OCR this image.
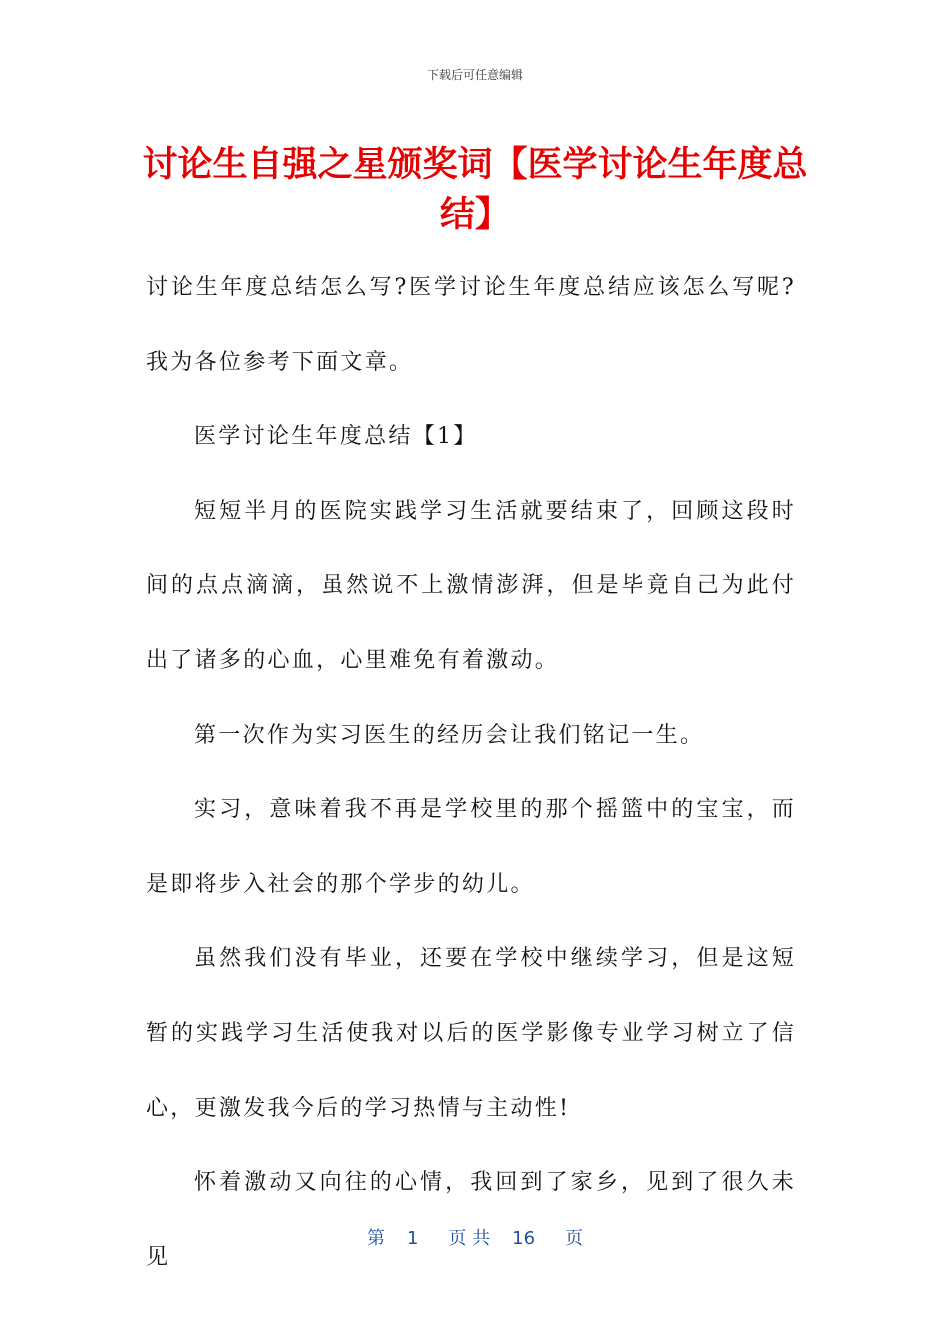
下载后可任意编辑
讨论生自强之星颁奖词【医学讨论生年度总结】

讨论生年度总结怎么写?医学讨论生年度总结应该怎么写呢?我为各位参考下面文章。

医学讨论生年度总结【1】

短短半月的医院实践学习生活就要结束了，回顾这段时间的点点滴滴，虽然说不上激情澎湃，但是毕竟自己为此付出了诸多的心血，心里难免有着激动。

第一次作为实习医生的经历会让我们铭记一生。

实习，意味着我不再是学校里的那个摇篮中的宝宝，而是即将步入社会的那个学步的幼儿。

虽然我们没有毕业，还要在学校中继续学习，但是这短暂的实践学习生活使我对以后的医学影像专业学习树立了信心，更激发我今后的学习热情与主动性!

怀着激动又向往的心情，我回到了家乡，见到了很久未见

第 1 页 共 16 页
